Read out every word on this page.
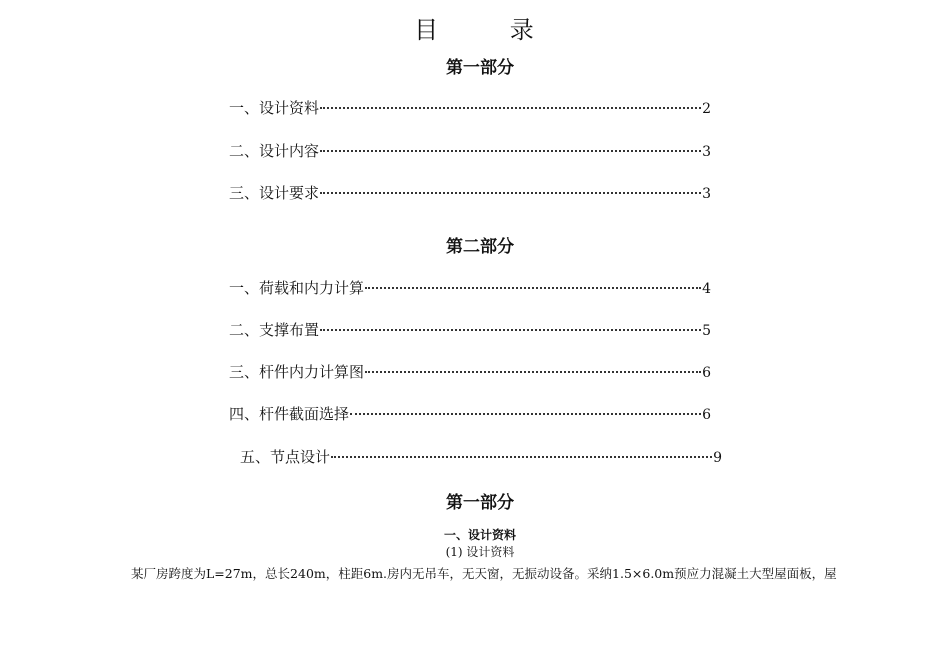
目 录
第一部分
一、设计资料	2
二、设计内容	3
三、设计要求	3
第二部分
一、荷载和内力计算	4
二、支撑布置	5
三、杆件内力计算图	6
四、杆件截面选择	6
五、节点设计	9
第一部分
一、设计资料
(1) 设计资料
某厂房跨度为L=27m，总长240m，柱距6m.房内无吊车，无天窗，无振动设备。采纳1.5×6.0m预应力混凝土大型屋面板，屋
